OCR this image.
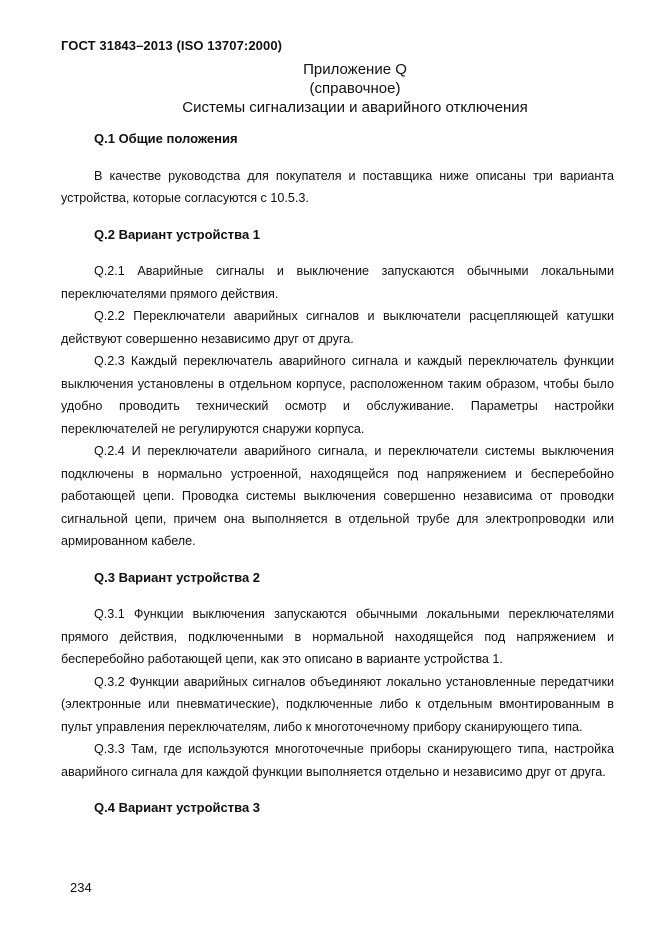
ГОСТ 31843–2013 (ISO 13707:2000)
Приложение Q
(справочное)
Системы сигнализации и аварийного отключения

Q.1 Общие положения

В качестве руководства для покупателя и поставщика ниже описаны три варианта устройства, которые согласуются с 10.5.3.

Q.2 Вариант устройства 1

Q.2.1 Аварийные сигналы и выключение запускаются обычными локальными переключателями прямого действия.

Q.2.2 Переключатели аварийных сигналов и выключатели расцепляющей катушки действуют совершенно независимо друг от друга.

Q.2.3 Каждый переключатель аварийного сигнала и каждый переключатель функции выключения установлены в отдельном корпусе, расположенном таким образом, чтобы было удобно проводить технический осмотр и обслуживание. Параметры настройки переключателей не регулируются снаружи корпуса.

Q.2.4 И переключатели аварийного сигнала, и переключатели системы выключения подключены в нормально устроенной, находящейся под напряжением и бесперебойно работающей цепи. Проводка системы выключения совершенно независима от проводки сигнальной цепи, причем она выполняется в отдельной трубе для электропроводки или армированном кабеле.

Q.3 Вариант устройства 2

Q.3.1 Функции выключения запускаются обычными локальными переключателями прямого действия, подключенными в нормальной находящейся под напряжением и бесперебойно работающей цепи, как это описано в варианте устройства 1.

Q.3.2 Функции аварийных сигналов объединяют локально установленные передатчики (электронные или пневматические), подключенные либо к отдельным вмонтированным в пульт управления переключателям, либо к многоточечному прибору сканирующего типа.

Q.3.3 Там, где используются многоточечные приборы сканирующего типа, настройка аварийного сигнала для каждой функции выполняется отдельно и независимо друг от друга.

Q.4 Вариант устройства 3

234
